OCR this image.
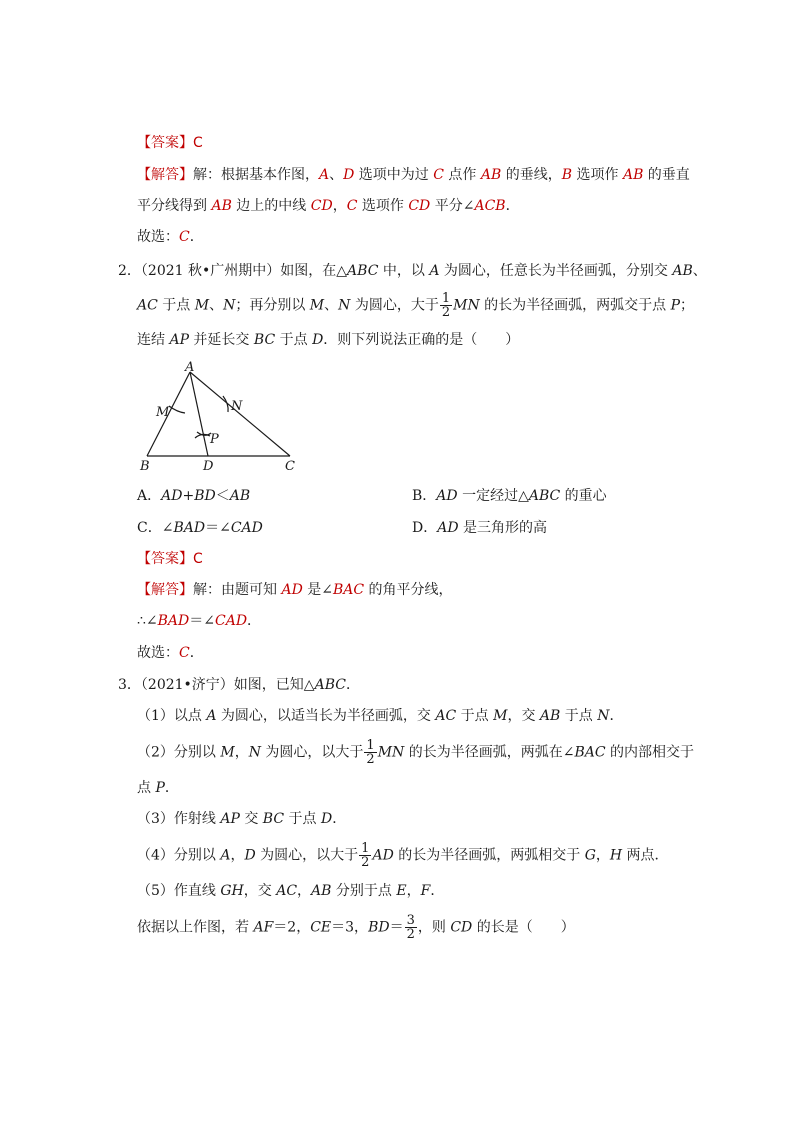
【答案】C
【解答】解：根据基本作图，A、D 选项中为过 C 点作 AB 的垂线，B 选项作 AB 的垂直
平分线得到 AB 边上的中线 CD，C 选项作 CD 平分∠ACB．
故选：C．
2．（2021 秋•广州期中）如图，在△ABC 中，以 A 为圆心，任意长为半径画弧，分别交 AB、
AC 于点 M、N；再分别以 M、N 为圆心，大于 $\frac{1}{2}$ MN 的长为半径画弧，两弧交于点 P；
连结 AP 并延长交 BC 于点 D．则下列说法正确的是（　　）
A
B	D	C
M	N
P
A．AD+BD＜AB	B．AD 一定经过△ABC 的重心
C．∠BAD＝∠CAD	D．AD 是三角形的高
【答案】C
【解答】解：由题可知 AD 是∠BAC 的角平分线，
∴∠BAD＝∠CAD．
故选：C．
3．（2021•济宁）如图，已知△ABC．
（1）以点 A 为圆心，以适当长为半径画弧，交 AC 于点 M，交 AB 于点 N．
（2）分别以 M，N 为圆心，以大于 $\frac{1}{2}$ MN 的长为半径画弧，两弧在∠BAC 的内部相交于
点 P．
（3）作射线 AP 交 BC 于点 D．
（4）分别以 A，D 为圆心，以大于 $\frac{1}{2}$ AD 的长为半径画弧，两弧相交于 G，H 两点．
（5）作直线 GH，交 AC，AB 分别于点 E，F．
依据以上作图，若 AF＝2，CE＝3，$BD= \frac{3}{2}$ ，则 CD 的长是（　　）
